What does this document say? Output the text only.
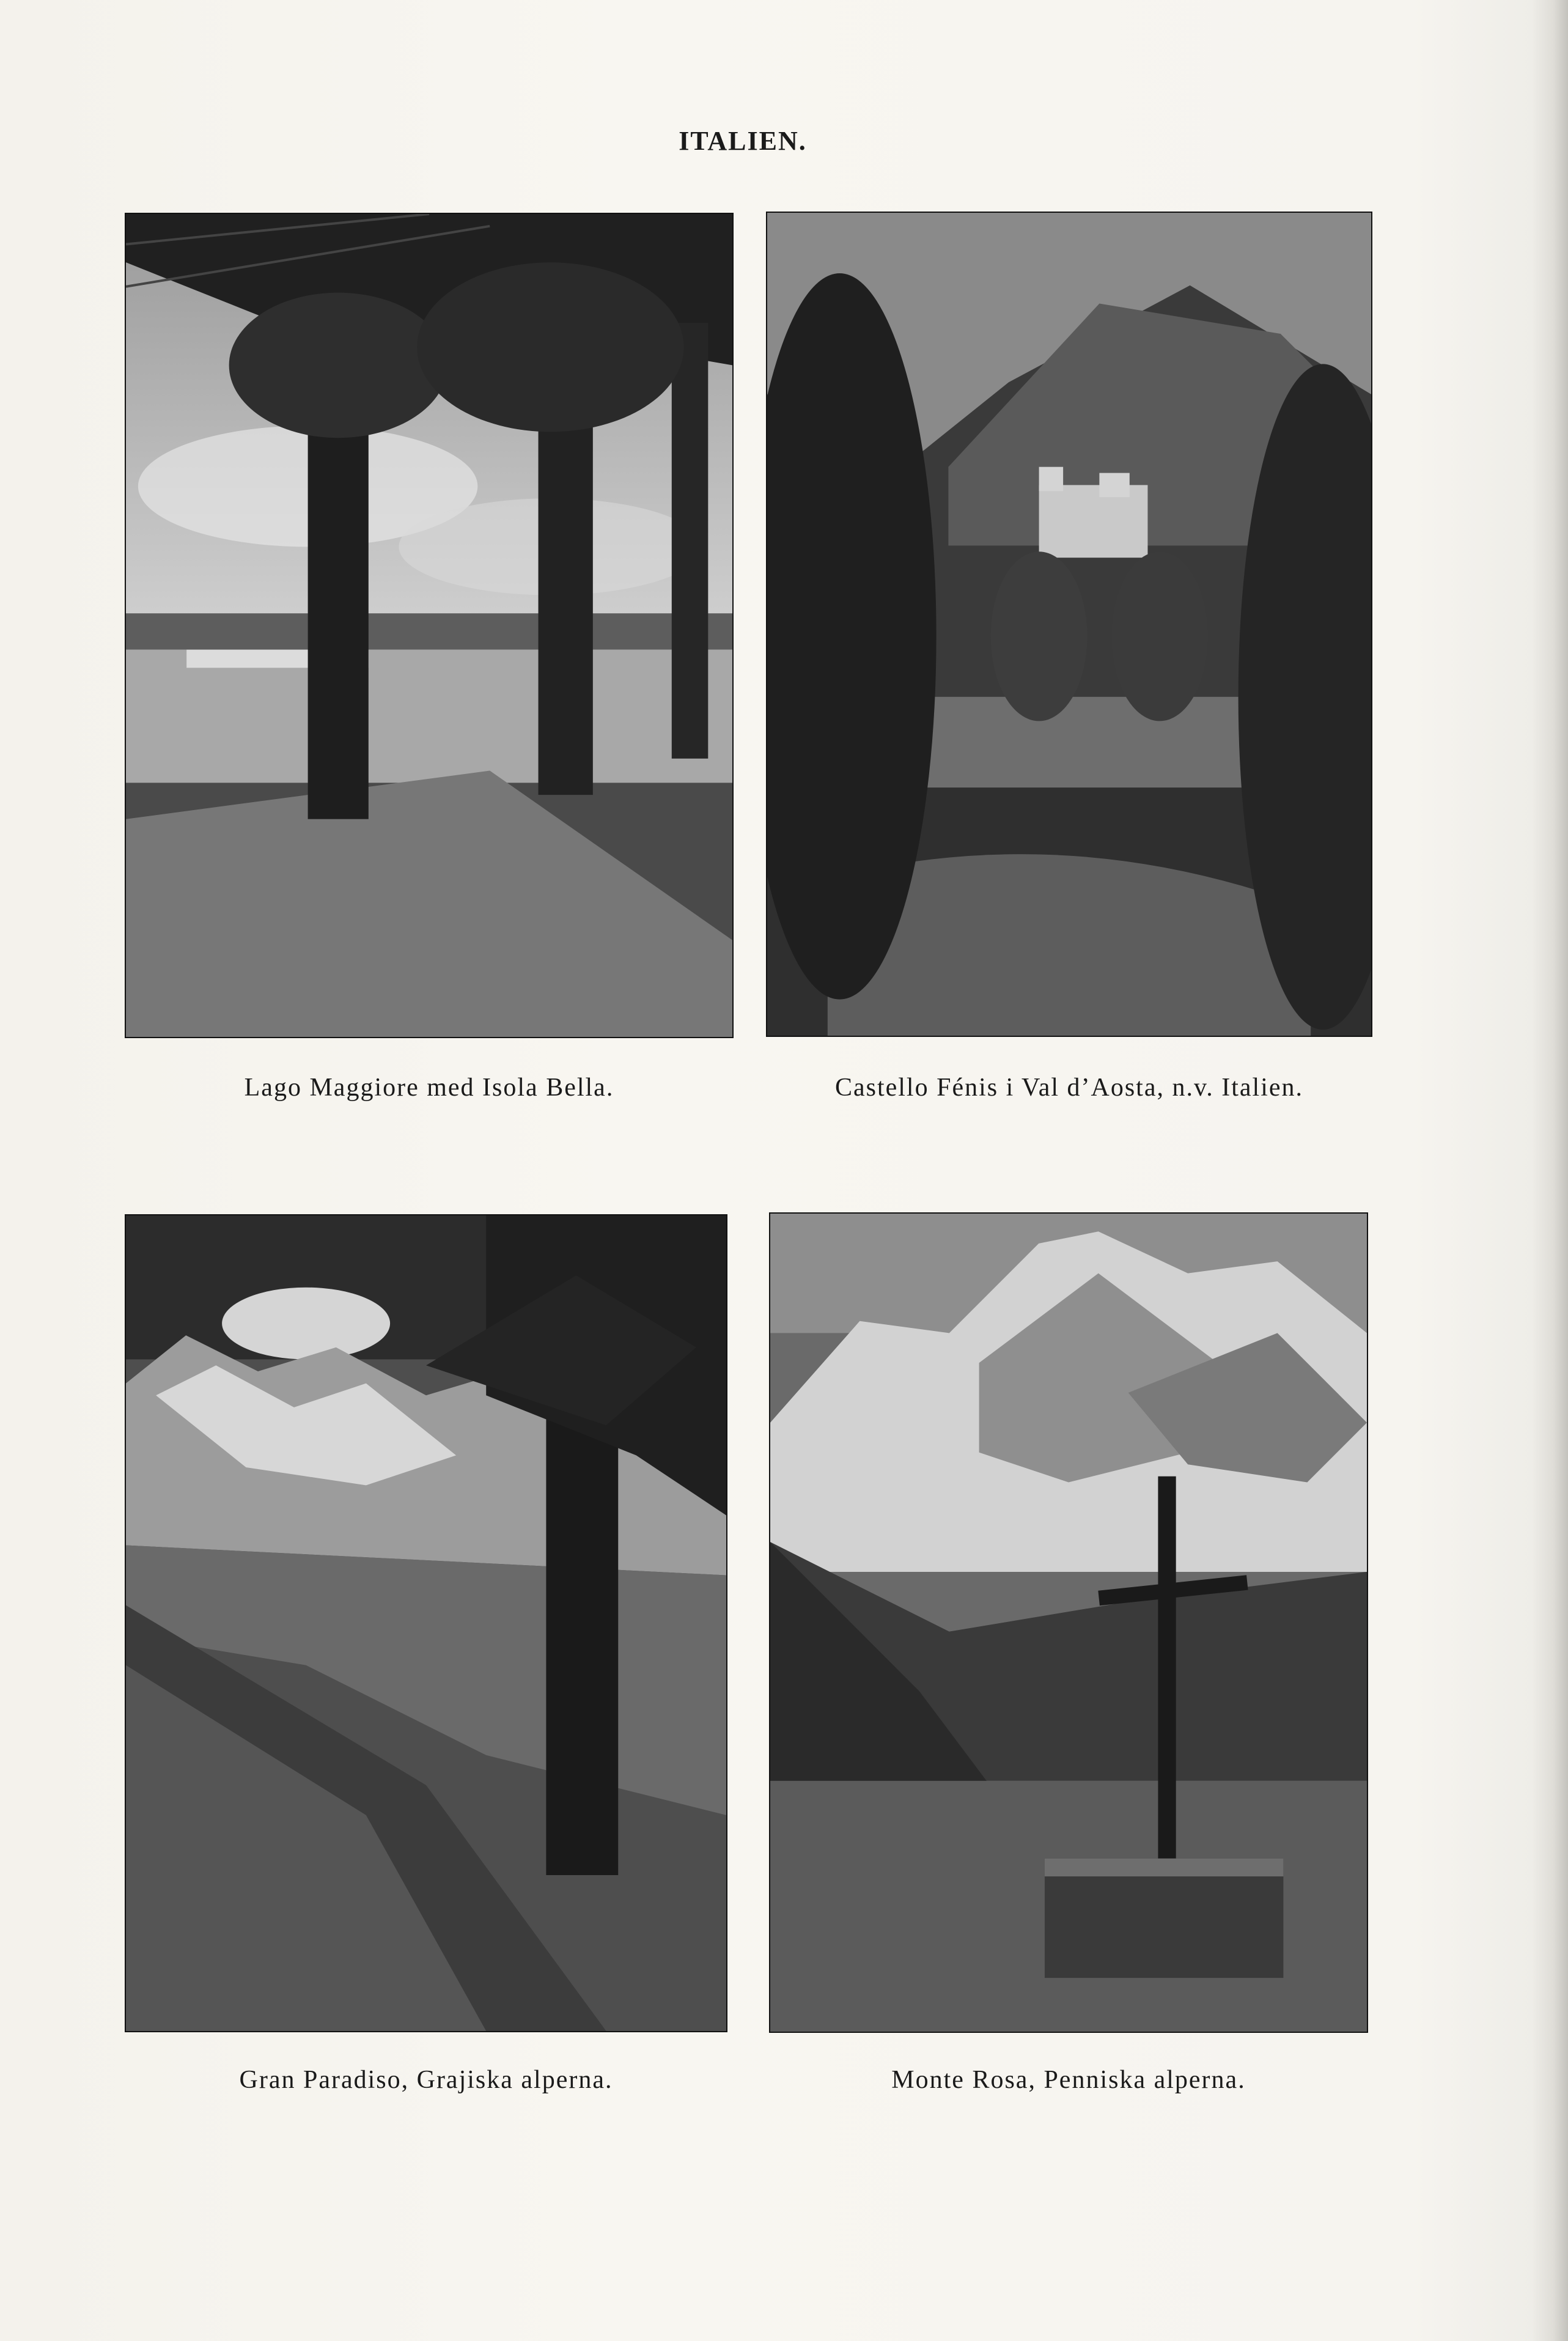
ITALIEN.
Lago Maggiore med Isola Bella.	Castello Fénis i Val d’Aosta, n.v. Italien.
Gran Paradiso, Grajiska alperna.	Monte Rosa, Penniska alperna.
